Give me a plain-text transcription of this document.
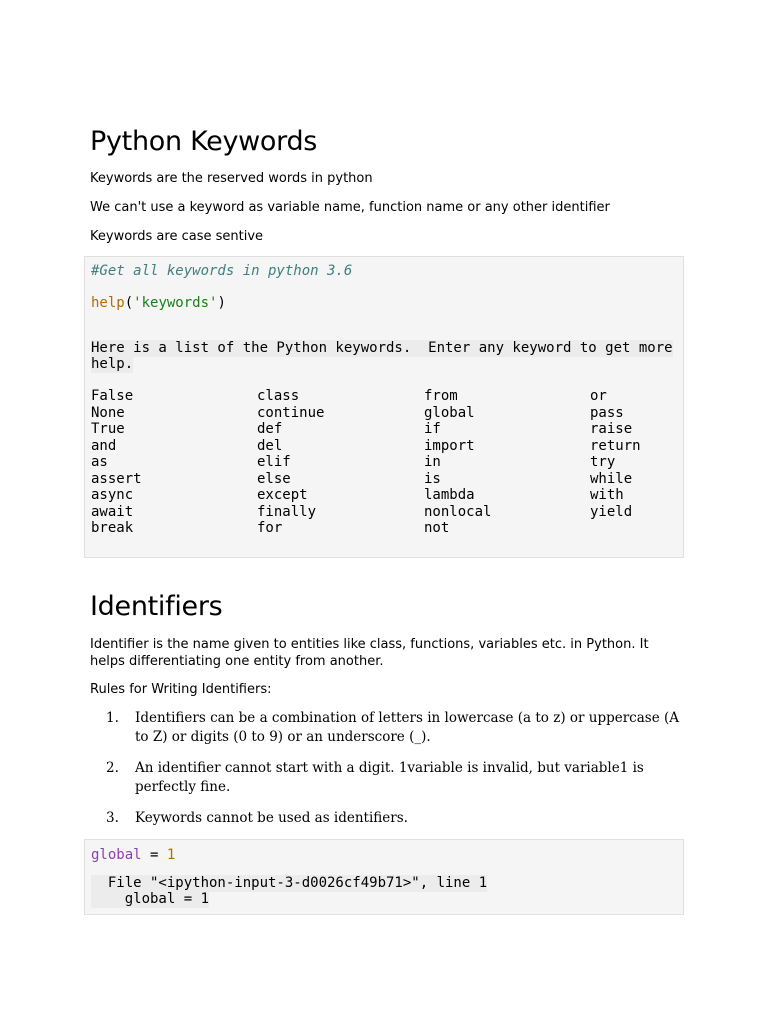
Python Keywords
Keywords are the reserved words in python
We can't use a keyword as variable name, function name or any other identifier
Keywords are case sentive
#Get all keywords in python 3.6
help('keywords')
Here is a list of the Python keywords.  Enter any keyword to get more
help.
False
None
True
and
as
assert
async
await
break
class
continue
def
del
elif
else
except
finally
for
from
global
if
import
in
is
lambda
nonlocal
not
or
pass
raise
return
try
while
with
yield
Identifiers
Identifier is the name given to entities like class, functions, variables etc. in Python. It helps differentiating one entity from another.
Rules for Writing Identifiers:
1. Identifiers can be a combination of letters in lowercase (a to z) or uppercase (A to Z) or digits (0 to 9) or an underscore (_).
2. An identifier cannot start with a digit. 1variable is invalid, but variable1 is perfectly fine.
3. Keywords cannot be used as identifiers.
global = 1
File "<ipython-input-3-d0026cf49b71>", line 1
global = 1
